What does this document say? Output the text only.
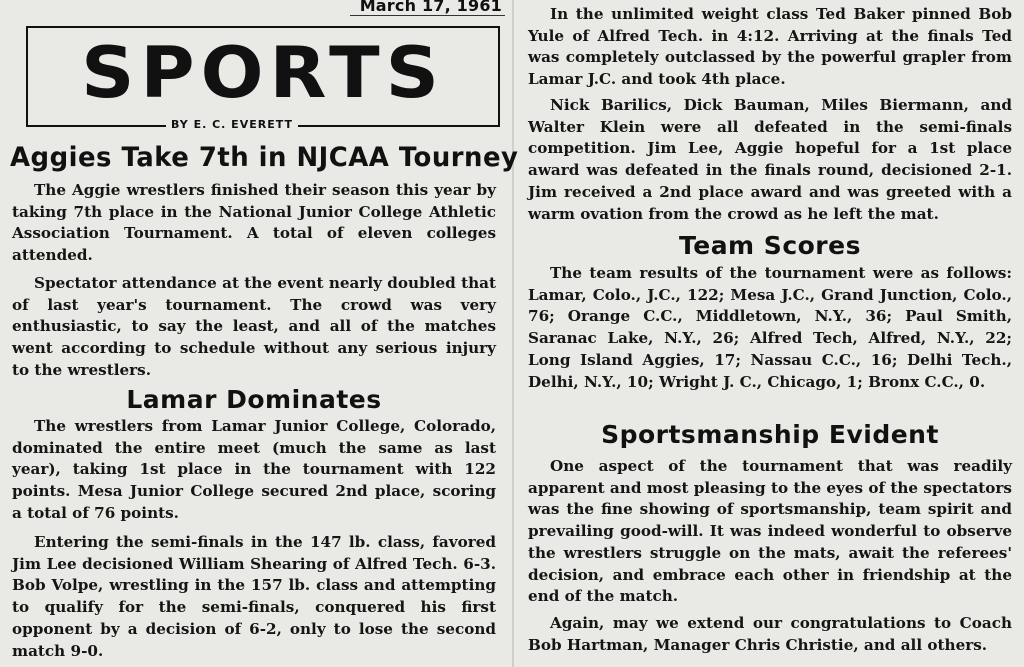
March 17, 1961
SPORTS
BY E. C. EVERETT
Aggies Take 7th in NJCAA Tourney
The Aggie wrestlers finished their season this year by taking 7th place in the National Junior College Athletic Association Tournament. A total of eleven colleges attended.
Spectator attendance at the event nearly doubled that of last year's tournament. The crowd was very enthusiastic, to say the least, and all of the matches went according to schedule without any serious injury to the wrestlers.
Lamar Dominates
The wrestlers from Lamar Junior College, Colorado, dominated the entire meet (much the same as last year), taking 1st place in the tournament with 122 points. Mesa Junior College secured 2nd place, scoring a total of 76 points.
Entering the semi-finals in the 147 lb. class, favored Jim Lee decisioned William Shearing of Alfred Tech. 6-3. Bob Volpe, wrestling in the 157 lb. class and attempting to qualify for the semi-finals, conquered his first opponent by a decision of 6-2, only to lose the second match 9-0.
In the unlimited weight class Ted Baker pinned Bob Yule of Alfred Tech. in 4:12. Arriving at the finals Ted was completely outclassed by the powerful grapler from Lamar J.C. and took 4th place.
Nick Barilics, Dick Bauman, Miles Biermann, and Walter Klein were all defeated in the semi-finals competition. Jim Lee, Aggie hopeful for a 1st place award was defeated in the finals round, decisioned 2-1. Jim received a 2nd place award and was greeted with a warm ovation from the crowd as he left the mat.
Team Scores
The team results of the tournament were as follows: Lamar, Colo., J.C., 122; Mesa J.C., Grand Junction, Colo., 76; Orange C.C., Middletown, N.Y., 36; Paul Smith, Saranac Lake, N.Y., 26; Alfred Tech, Alfred, N.Y., 22; Long Island Aggies, 17; Nassau C.C., 16; Delhi Tech., Delhi, N.Y., 10; Wright J. C., Chicago, 1; Bronx C.C., 0.
Sportsmanship Evident
One aspect of the tournament that was readily apparent and most pleasing to the eyes of the spectators was the fine showing of sportsmanship, team spirit and prevailing good-will. It was indeed wonderful to observe the wrestlers struggle on the mats, await the referees' decision, and embrace each other in friendship at the end of the match.
Again, may we extend our congratulations to Coach Bob Hartman, Manager Chris Christie, and all others.
